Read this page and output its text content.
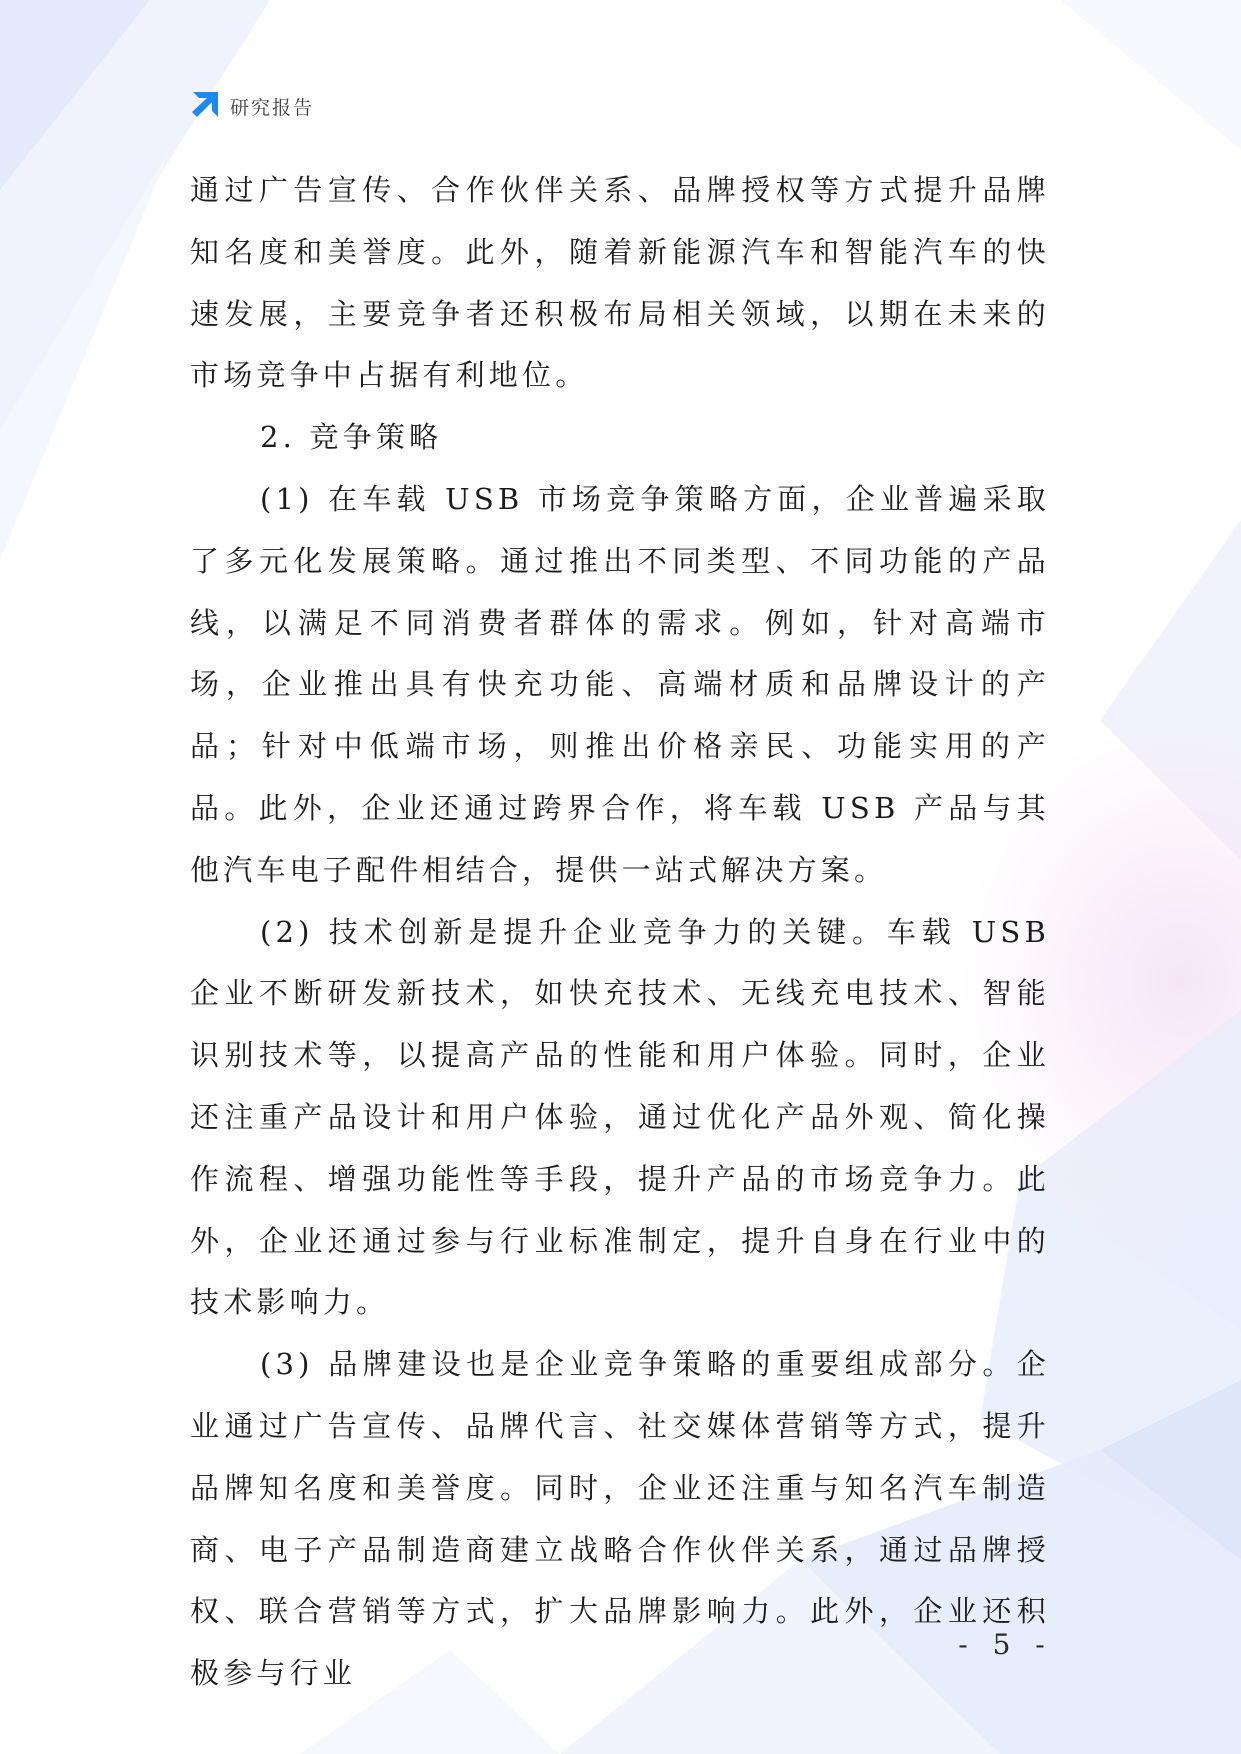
研究报告

通过广告宣传、合作伙伴关系、品牌授权等方式提升品牌知名度和美誉度。此外，随着新能源汽车和智能汽车的快速发展，主要竞争者还积极布局相关领域，以期在未来的市场竞争中占据有利地位。

2. 竞争策略

(1) 在车载 USB 市场竞争策略方面，企业普遍采取了多元化发展策略。通过推出不同类型、不同功能的产品线，以满足不同消费者群体的需求。例如，针对高端市场，企业推出具有快充功能、高端材质和品牌设计的产品；针对中低端市场，则推出价格亲民、功能实用的产品。此外，企业还通过跨界合作，将车载 USB 产品与其他汽车电子配件相结合，提供一站式解决方案。

(2) 技术创新是提升企业竞争力的关键。车载 USB 企业不断研发新技术，如快充技术、无线充电技术、智能识别技术等，以提高产品的性能和用户体验。同时，企业还注重产品设计和用户体验，通过优化产品外观、简化操作流程、增强功能性等手段，提升产品的市场竞争力。此外，企业还通过参与行业标准制定，提升自身在行业中的技术影响力。

(3) 品牌建设也是企业竞争策略的重要组成部分。企业通过广告宣传、品牌代言、社交媒体营销等方式，提升品牌知名度和美誉度。同时，企业还注重与知名汽车制造商、电子产品制造商建立战略合作伙伴关系，通过品牌授权、联合营销等方式，扩大品牌影响力。此外，企业还积极参与行业

- 5 -
